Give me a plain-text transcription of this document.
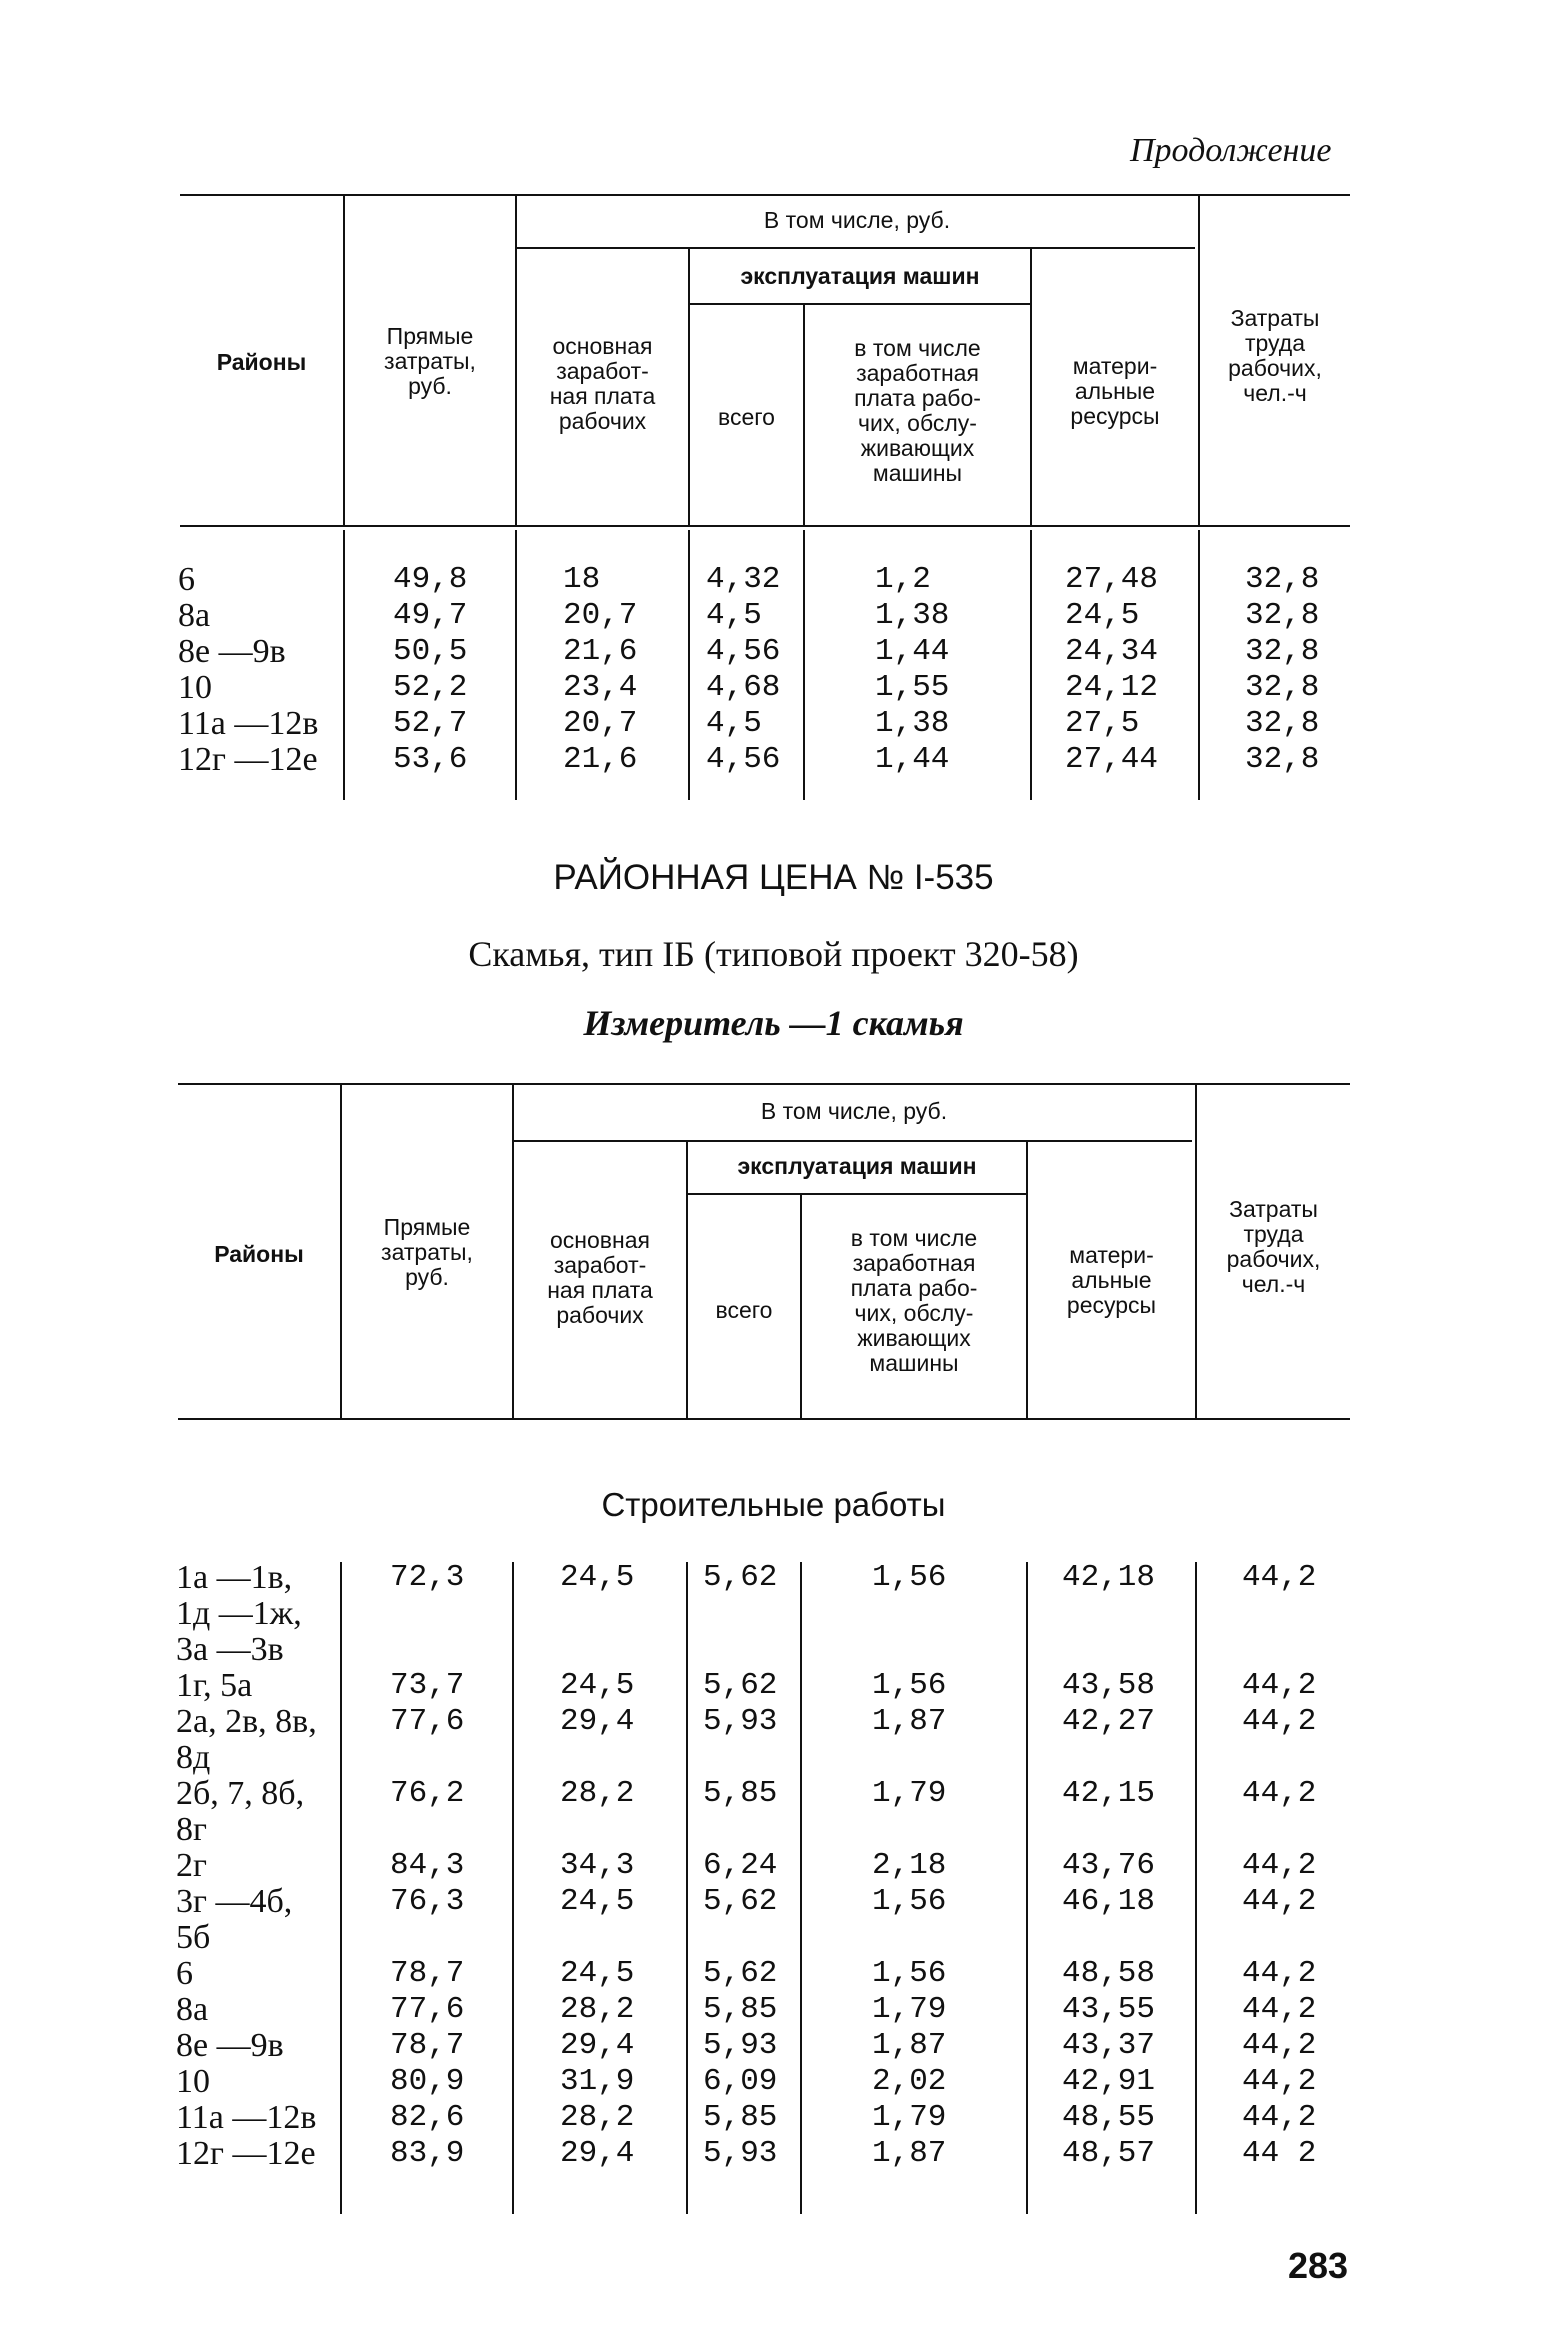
Продолжение
Районы
Прямые
затраты,
руб.
В том числе, руб.
основная
заработ-
ная плата
рабочих
эксплуатация машин
всего
в том числе
заработная
плата рабо-
чих, обслу-
живающих
машины
матери-
альные
ресурсы
Затраты
труда
рабочих,
чел.-ч
6
8а
8е —9в
10
11а —12в
12г —12е
49,8
49,7
50,5
52,2
52,7
53,6
18
20,7
21,6
23,4
20,7
21,6
4,32
4,5
4,56
4,68
4,5
4,56
1,2
1,38
1,44
1,55
1,38
1,44
27,48
24,5
24,34
24,12
27,5
27,44
32,8
32,8
32,8
32,8
32,8
32,8
РАЙОННАЯ ЦЕНА № I-535
Скамья, тип IБ (типовой проект 320-58)
Измеритель —1 скамья
Районы
Прямые
затраты,
руб.
В том числе, руб.
основная
заработ-
ная плата
рабочих
эксплуатация машин
всего
в том числе
заработная
плата рабо-
чих, обслу-
живающих
машины
матери-
альные
ресурсы
Затраты
труда
рабочих,
чел.-ч
Строительные работы
1а —1в,
1д —1ж,
3а —3в
1г, 5а
2а, 2в, 8в,
8д
2б, 7, 8б,
8г
2г
3г —4б,
5б
6
8а
8е —9в
10
11а —12в
12г —12е
72,3

73,7
77,6

76,2

84,3
76,3

78,7
77,6
78,7
80,9
82,6
83,9
24,5

24,5
29,4

28,2

34,3
24,5

24,5
28,2
29,4
31,9
28,2
29,4
5,62

5,62
5,93

5,85

6,24
5,62

5,62
5,85
5,93
6,09
5,85
5,93
1,56

1,56
1,87

1,79

2,18
1,56

1,56
1,79
1,87
2,02
1,79
1,87
42,18

43,58
42,27

42,15

43,76
46,18

48,58
43,55
43,37
42,91
48,55
48,57
44,2

44,2
44,2

44,2

44,2
44,2

44,2
44,2
44,2
44,2
44,2
44 2
283
